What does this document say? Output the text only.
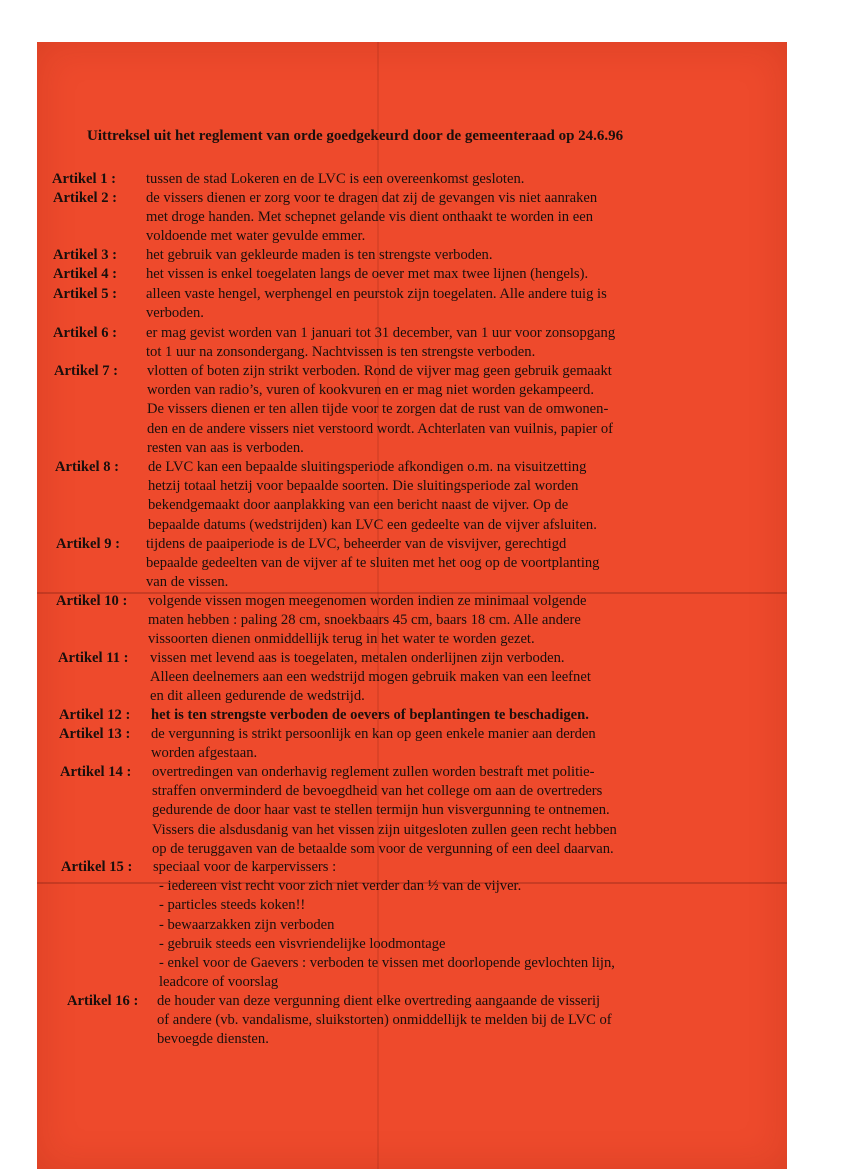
Uittreksel uit het reglement van orde goedgekeurd door de gemeenteraad op 24.6.96
Artikel 1 : tussen de stad Lokeren en de LVC is een overeenkomst gesloten.
Artikel 2 : de vissers dienen er zorg voor te dragen dat zij de gevangen vis niet aanraken
met droge handen. Met schepnet gelande vis dient onthaakt te worden in een
voldoende met water gevulde emmer.
Artikel 3 : het gebruik van gekleurde maden is ten strengste verboden.
Artikel 4 : het vissen is enkel toegelaten langs de oever met max twee lijnen (hengels).
Artikel 5 : alleen vaste hengel, werphengel en peurstok zijn toegelaten. Alle andere tuig is
verboden.
Artikel 6 : er mag gevist worden van 1 januari tot 31 december, van 1 uur voor zonsopgang
tot 1 uur na zonsondergang. Nachtvissen is ten strengste verboden.
Artikel 7 : vlotten of boten zijn strikt verboden. Rond de vijver mag geen gebruik gemaakt
worden van radio’s, vuren of kookvuren en er mag niet worden gekampeerd.
De vissers dienen er ten allen tijde voor te zorgen dat de rust van de omwonen-
den en de andere vissers niet verstoord wordt. Achterlaten van vuilnis, papier of
resten van aas is verboden.
Artikel 8 : de LVC kan een bepaalde sluitingsperiode afkondigen o.m. na visuitzetting
hetzij totaal hetzij voor bepaalde soorten. Die sluitingsperiode zal worden
bekendgemaakt door aanplakking van een bericht naast de vijver. Op de
bepaalde datums (wedstrijden) kan LVC een gedeelte van de vijver afsluiten.
Artikel 9 : tijdens de paaiperiode is de LVC, beheerder van de visvijver, gerechtigd
bepaalde gedeelten van de vijver af te sluiten met het oog op de voortplanting
van de vissen.
Artikel 10 : volgende vissen mogen meegenomen worden indien ze minimaal volgende
maten hebben : paling 28 cm, snoekbaars 45 cm, baars 18 cm. Alle andere
vissoorten dienen onmiddellijk terug in het water te worden gezet.
Artikel 11 : vissen met levend aas is toegelaten, metalen onderlijnen zijn verboden.
Alleen deelnemers aan een wedstrijd mogen gebruik maken van een leefnet
en dit alleen gedurende de wedstrijd.
Artikel 12 : het is ten strengste verboden de oevers of beplantingen te beschadigen.
Artikel 13 : de vergunning is strikt persoonlijk en kan op geen enkele manier aan derden
worden afgestaan.
Artikel 14 : overtredingen van onderhavig reglement zullen worden bestraft met politie-
straffen onverminderd de bevoegdheid van het college om aan de overtreders
gedurende de door haar vast te stellen termijn hun visvergunning te ontnemen.
Vissers die alsdusdanig van het vissen zijn uitgesloten zullen geen recht hebben
op de teruggaven van de betaalde som voor de vergunning of een deel daarvan.
Artikel 15 : speciaal voor de karpervissers :
- iedereen vist recht voor zich niet verder dan ½ van de vijver.
- particles steeds koken!!
- bewaarzakken zijn verboden
- gebruik steeds een visvriendelijke loodmontage
- enkel voor de Gaevers : verboden te vissen met doorlopende gevlochten lijn,
leadcore of voorslag
Artikel 16 : de houder van deze vergunning dient elke overtreding aangaande de visserij
of andere (vb. vandalisme, sluikstorten) onmiddellijk te melden bij de LVC of
bevoegde diensten.
